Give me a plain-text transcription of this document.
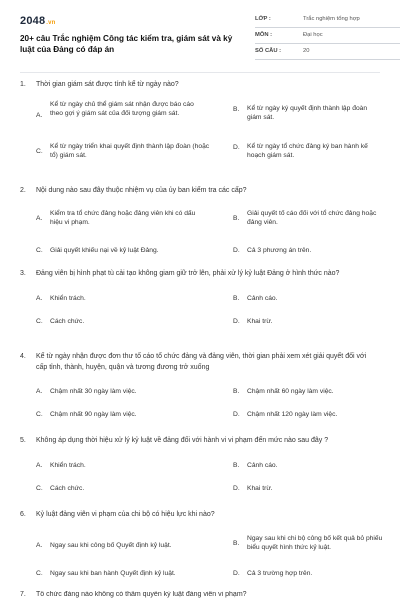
2048.vn
20+ câu Trắc nghiệm Công tác kiểm tra, giám sát và kỷ luật của Đảng có đáp án
LỚP :	Trắc nghiệm tổng hợp
MÔN :	Đại học
SỐ CÂU :	20
1. Thời gian giám sát được tính kể từ ngày nào?
A.
Kể từ ngày chủ thể giám sát nhận được báo cáo theo gợi ý giám sát của đối tượng giám sát.
B. Kể từ ngày ký quyết định thành lập đoàn giám sát.
C.
Kể từ ngày triển khai quyết định thành lập đoàn (hoặc tổ) giám sát.
D. Kể từ ngày tổ chức đảng ký ban hành kế hoạch giám sát.
2. Nội dung nào sau đây thuộc nhiệm vụ của ủy ban kiểm tra các cấp?
A.
Kiểm tra tổ chức đảng hoặc đảng viên khi có dấu hiệu vi phạm.
B.
Giải quyết tố cáo đối với tổ chức đảng hoặc đảng viên.
C. Giải quyết khiếu nại về kỷ luật Đảng.	D. Cả 3 phương án trên.
3. Đảng viên bị hình phạt tù cải tạo không giam giữ trở lên, phải xử lý kỷ luật Đảng ở hình thức nào?
A. Khiển trách.	B. Cảnh cáo.
C. Cách chức.	D. Khai trừ.
4. Kể từ ngày nhận được đơn thư tố cáo tổ chức đảng và đảng viên, thời gian phải xem xét giải quyết đối với cấp tỉnh, thành, huyện, quận và tương đương trở xuống
A. Chậm nhất 30 ngày làm việc.	B. Chậm nhất 60 ngày làm việc.
C. Chậm nhất 90 ngày làm việc.	D. Chậm nhất 120 ngày làm việc.
5. Không áp dụng thời hiệu xử lý kỷ luật về đảng đối với hành vi vi phạm đến mức nào sau đây ?
A. Khiển trách.	B. Cảnh cáo.
C. Cách chức.	D. Khai trừ.
6. Kỷ luật đảng viên vi phạm của chi bộ có hiệu lực khi nào?
A. Ngay sau khi công bố Quyết định kỷ luật.	B.
Ngay sau khi chi bộ công bố kết quả bỏ phiếu biểu quyết hình thức kỷ luật.
C. Ngay sau khi ban hành Quyết định kỷ luật.	D. Cả 3 trường hợp trên.
7. Tổ chức đảng nào không có thẩm quyền kỷ luật đảng viên vi phạm?
